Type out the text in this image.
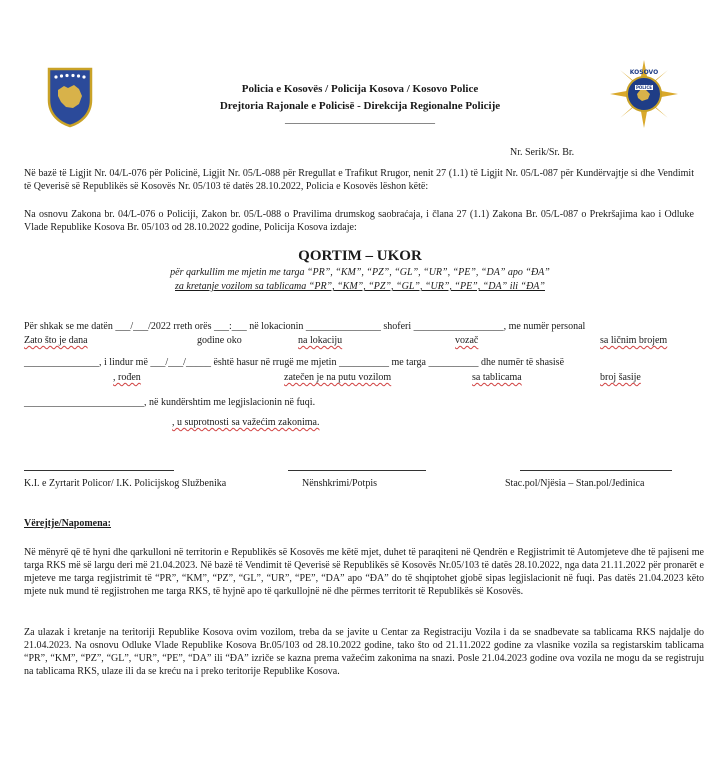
POLICE
KOSOVO
Policia e Kosovës / Policija Kosova / Kosovo Police
Drejtoria Rajonale e Policisë - Direkcija Regionalne Policije
______________________________
Nr. Serik/Sr. Br.
Në bazë të Ligjit Nr. 04/L-076 për Policinë, Ligjit Nr. 05/L-088 për Rregullat e Trafikut Rrugor, nenit 27 (1.1) të Ligjit Nr. 05/L-087 për Kundërvajtje si dhe Vendimit të Qeverisë së Republikës së Kosovës Nr. 05/103 të datës 28.10.2022, Policia e Kosovës lëshon këtë:
Na osnovu Zakona br. 04/L-076 o Policiji, Zakon br. 05/L-088 o Pravilima drumskog saobraćaja, i člana 27 (1.1) Zakona Br. 05/L-087 o Prekršajima kao i Odluke Vlade Republike Kosova Br. 05/103 od 28.10.2022 godine, Policija Kosova izdaje:
QORTIM – UKOR
për qarkullim me mjetin me targa “PR”, “KM”, “PZ”, “GL”, “UR”, “PE”, “DA” apo “ĐA”
za kretanje vozilom sa tablicama “PR”, “KM”, “PZ”, “GL”, “UR”, “PE”, “DA” ili “ĐA”
Për shkak se me datën ___/___/2022 rreth orës ___:___ në lokacionin _______________ shoferi __________________, me numër personal
Zato što je dana	godine oko	na lokaciju	vozač	sa ličnim brojem
_______________, i lindur më ___/___/_____ është hasur në rrugë me mjetin __________ me targa __________ dhe numër të shasisë
, rođen	zatečen je na putu vozilom	sa tablicama	broj šasije
________________________, në kundërshtim me legjislacionin në fuqi.
, u suprotnosti sa važećim zakonima.
K.I. e Zyrtarit Policor/ I.K. Policijskog Službenika	Nënshkrimi/Potpis	Stac.pol/Njësia – Stan.pol/Jedinica
Vërejtje/Napomena:
Në mënyrë që të hyni dhe qarkulloni në territorin e Republikës së Kosovës me këtë mjet, duhet të paraqiteni në Qendrën e Regjistrimit të Automjeteve dhe të pajiseni me targa RKS më së largu deri më 21.04.2023. Në bazë të Vendimit të Qeverisë së Republikës së Kosovës Nr.05/103 të datës 28.10.2022, nga data 21.11.2022 për pronarët e mjeteve me targa regjistrimit të “PR”, “KM”, “PZ”, “GL”, “UR”, “PE”, “DA” apo “ĐA” do të shqiptohet gjobë sipas legjislacionit në fuqi. Pas datës 21.04.2023 këto mjete nuk mund të regjistrohen me targa RKS, të hyjnë apo të qarkullojnë në dhe përmes territorit të Republikës së Kosovës.
Za ulazak i kretanje na teritoriji Republike Kosova ovim vozilom, treba da se javite u Centar za Registraciju Vozila i da se snadbevate sa tablicama RKS najdalje do 21.04.2023. Na osnovu Odluke Vlade Republike Kosova Br.05/103 od 28.10.2022 godine, tako što od 21.11.2022 godine za vlasnike vozila sa registarskim tablicama “PR”, “KM”, “PZ”, “GL”, “UR”, “PE”, “DA” ili “ĐA” izriče se kazna prema važećim zakonima na snazi. Posle 21.04.2023 godine ova vozila ne mogu da se registruju na tablicama RKS, ulaze ili da se kreću na i preko teritorije Republike Kosova.
